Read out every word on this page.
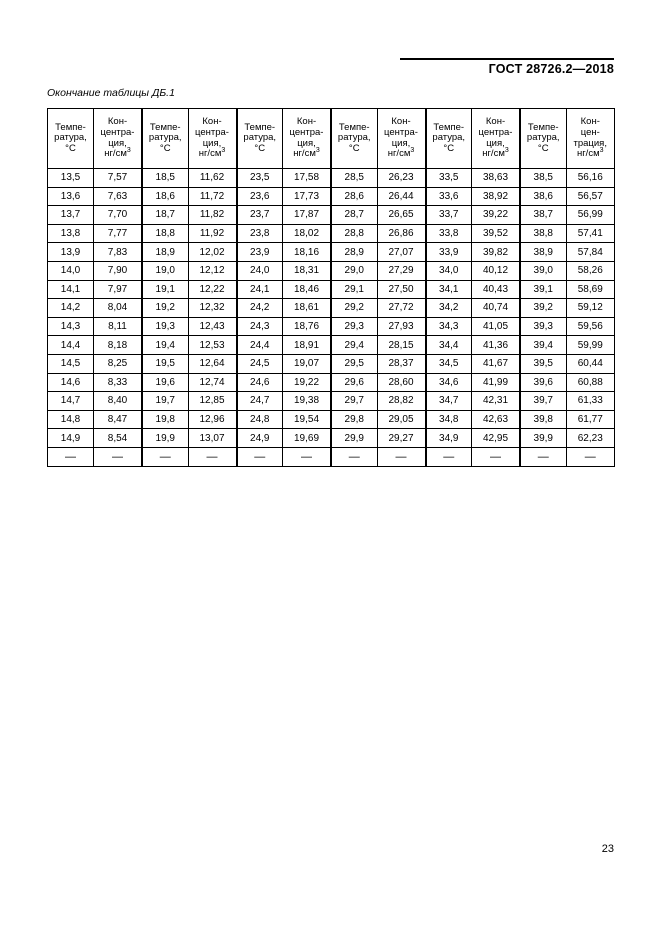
ГОСТ 28726.2—2018
Окончание таблицы ДБ.1
Темпе-
ратура,
°С	Кон-
центра-
ция,
$нг/см^3$	Темпе-
ратура,
°С	Кон-
центра-
ция,
$нг/см^3$	Темпе-
ратура,
°С	Кон-
центра-
ция,
$нг/см^3$	Темпе-
ратура,
°С	Кон-
центра-
ция,
$нг/см^3$	Темпе-
ратура,
°С	Кон-
центра-
ция,
$нг/см^3$	Темпе-
ратура,
°С	Кон-
цен-
трация,
$нг/см^3$

13,5	7,57	18,5	11,62	23,5	17,58	28,5	26,23	33,5	38,63	38,5	56,16
13,6	7,63	18,6	11,72	23,6	17,73	28,6	26,44	33,6	38,92	38,6	56,57
13,7	7,70	18,7	11,82	23,7	17,87	28,7	26,65	33,7	39,22	38,7	56,99
13,8	7,77	18,8	11,92	23,8	18,02	28,8	26,86	33,8	39,52	38,8	57,41
13,9	7,83	18,9	12,02	23,9	18,16	28,9	27,07	33,9	39,82	38,9	57,84
14,0	7,90	19,0	12,12	24,0	18,31	29,0	27,29	34,0	40,12	39,0	58,26
14,1	7,97	19,1	12,22	24,1	18,46	29,1	27,50	34,1	40,43	39,1	58,69
14,2	8,04	19,2	12,32	24,2	18,61	29,2	27,72	34,2	40,74	39,2	59,12
14,3	8,11	19,3	12,43	24,3	18,76	29,3	27,93	34,3	41,05	39,3	59,56
14,4	8,18	19,4	12,53	24,4	18,91	29,4	28,15	34,4	41,36	39,4	59,99
14,5	8,25	19,5	12,64	24,5	19,07	29,5	28,37	34,5	41,67	39,5	60,44
14,6	8,33	19,6	12,74	24,6	19,22	29,6	28,60	34,6	41,99	39,6	60,88
14,7	8,40	19,7	12,85	24,7	19,38	29,7	28,82	34,7	42,31	39,7	61,33
14,8	8,47	19,8	12,96	24,8	19,54	29,8	29,05	34,8	42,63	39,8	61,77
14,9	8,54	19,9	13,07	24,9	19,69	29,9	29,27	34,9	42,95	39,9	62,23
—	—	—	—	—	—	—	—	—	—	—	—
23
